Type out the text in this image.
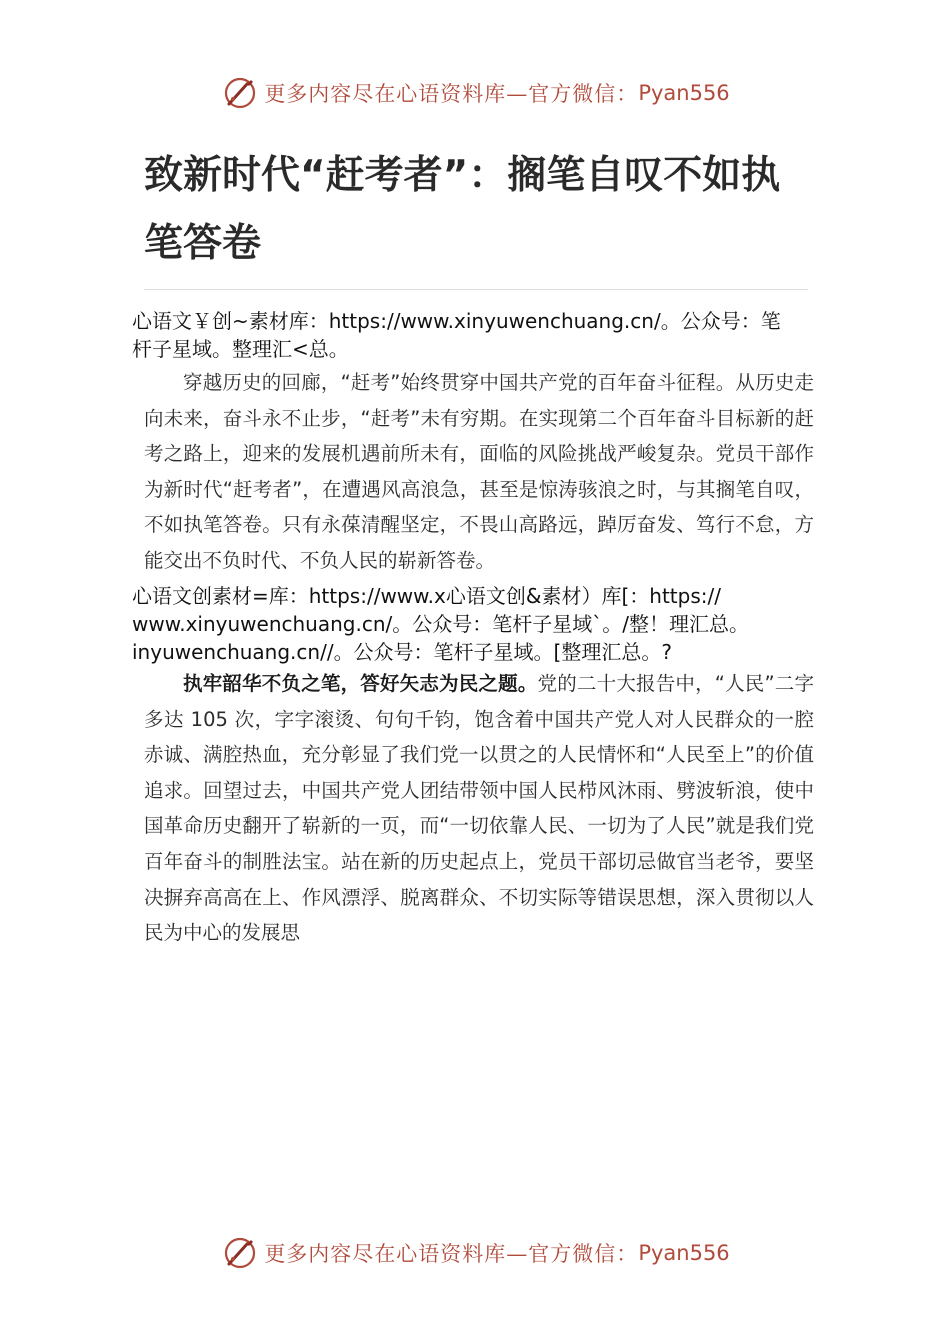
更多内容尽在心语资料库—官方微信： Pyan556
致新时代“赶考者”：搁笔自叹不如执笔答卷
心语文￥创~素材库：https://www.xinyuwenchuang.cn/。公众号：笔
杆子星域。整理汇<总。
穿越历史的回廊，“赶考”始终贯穿中国共产党的百年奋斗征程。从历史走向未来，奋斗永不止步，“赶考”未有穷期。在实现第二个百年奋斗目标新的赶考之路上，迎来的发展机遇前所未有，面临的风险挑战严峻复杂。党员干部作为新时代“赶考者”，在遭遇风高浪急，甚至是惊涛骇浪之时，与其搁笔自叹，不如执笔答卷。只有永葆清醒坚定，不畏山高路远，踔厉奋发、笃行不怠，方能交出不负时代、不负人民的崭新答卷。
心语文创素材=库：https://www.x心语文创&素材）库[：https://
www.xinyuwenchuang.cn/。公众号：笔杆子星域`。/整！理汇总。
inyuwenchuang.cn//。公众号：笔杆子星域。[整理汇总。?
执牢韶华不负之笔，答好矢志为民之题。党的二十大报告中，“人民”二字多达 105 次，字字滚烫、句句千钧，饱含着中国共产党人对人民群众的一腔赤诚、满腔热血，充分彰显了我们党一以贯之的人民情怀和“人民至上”的价值追求。回望过去，中国共产党人团结带领中国人民栉风沐雨、劈波斩浪，使中国革命历史翻开了崭新的一页，而“一切依靠人民、一切为了人民”就是我们党百年奋斗的制胜法宝。站在新的历史起点上，党员干部切忌做官当老爷，要坚决摒弃高高在上、作风漂浮、脱离群众、不切实际等错误思想，深入贯彻以人民为中心的发展思
更多内容尽在心语资料库—官方微信： Pyan556
